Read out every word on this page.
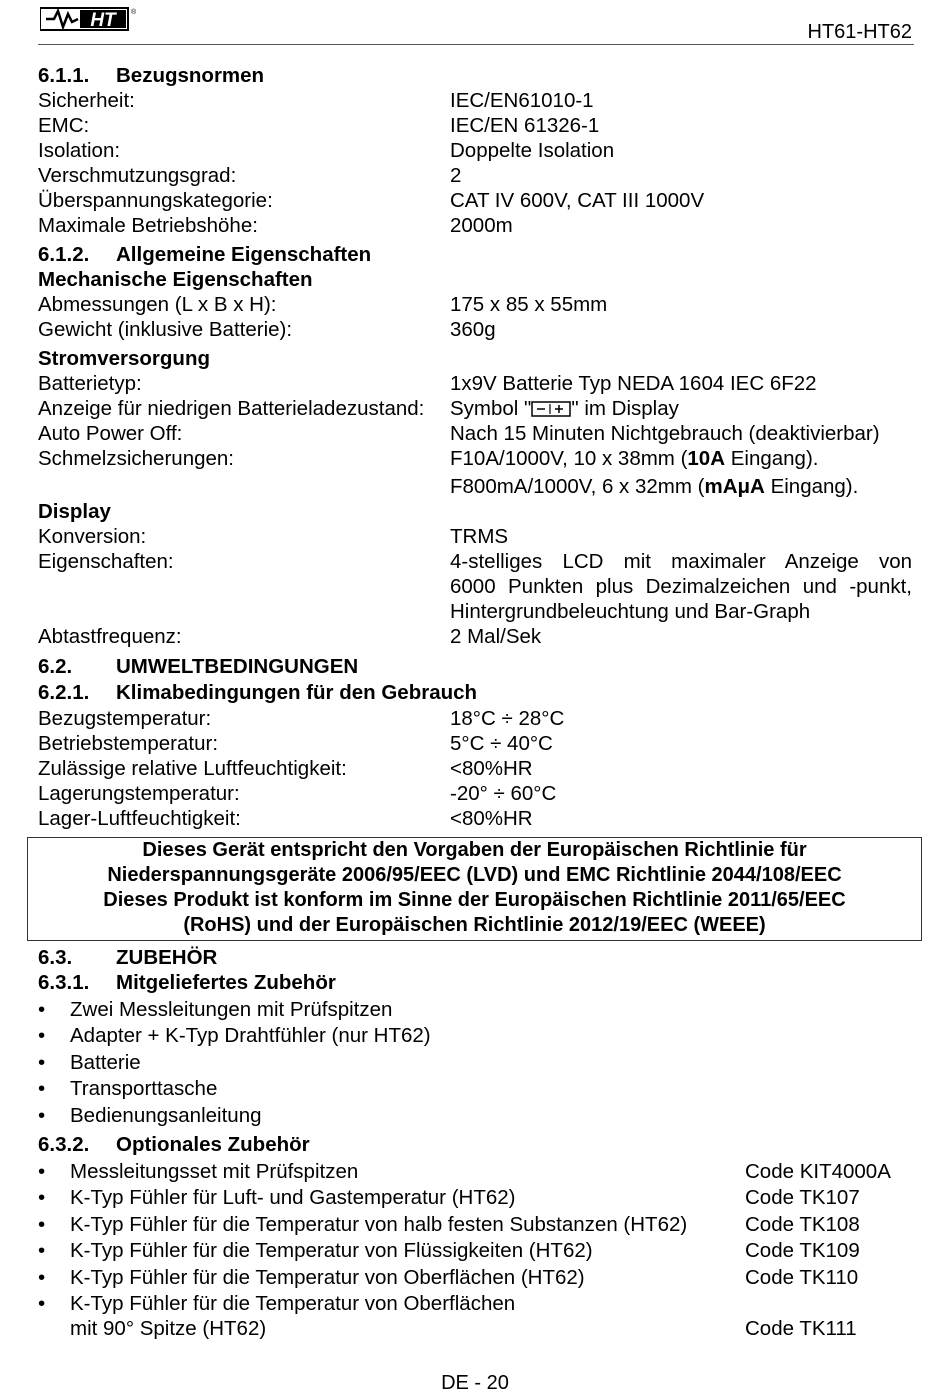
HT ®
HT61-HT62
6.1.1. Bezugsnormen
Sicherheit:	IEC/EN61010-1
EMC:	IEC/EN 61326-1
Isolation:	Doppelte Isolation
Verschmutzungsgrad:	2
Überspannungskategorie:	CAT IV 600V, CAT III 1000V
Maximale Betriebshöhe:	2000m
6.1.2. Allgemeine Eigenschaften
Mechanische Eigenschaften
Abmessungen (L x B x H):	175 x 85 x 55mm
Gewicht (inklusive Batterie):	360g
Stromversorgung
Batterietyp:	1x9V Batterie Typ NEDA 1604 IEC 6F22
Anzeige für niedrigen Batterieladezustand: Symbol " " im Display
Auto Power Off:	Nach 15 Minuten Nichtgebrauch (deaktivierbar)
Schmelzsicherungen:	F10A/1000V, 10 x 38mm (10A Eingang).
F800mA/1000V, 6 x 32mm (mAμA Eingang).
Display
Konversion:	TRMS
Eigenschaften:	4-stelliges LCD mit maximaler Anzeige von
6000 Punkten plus Dezimalzeichen und -punkt,
Hintergrundbeleuchtung und Bar-Graph
Abtastfrequenz:	2 Mal/Sek
6.2. UMWELTBEDINGUNGEN
6.2.1. Klimabedingungen für den Gebrauch
Bezugstemperatur:	18°C ÷ 28°C
Betriebstemperatur:	5°C ÷ 40°C
Zulässige relative Luftfeuchtigkeit:	<80%HR
Lagerungstemperatur:	-20° ÷ 60°C
Lager-Luftfeuchtigkeit:	<80%HR
Dieses Gerät entspricht den Vorgaben der Europäischen Richtlinie für
Niederspannungsgeräte 2006/95/EEC (LVD) und EMC Richtlinie 2044/108/EEC
Dieses Produkt ist konform im Sinne der Europäischen Richtlinie 2011/65/EEC
(RoHS) und der Europäischen Richtlinie 2012/19/EEC (WEEE)
6.3. ZUBEHÖR
6.3.1. Mitgeliefertes Zubehör
• Zwei Messleitungen mit Prüfspitzen
• Adapter + K-Typ Drahtfühler (nur HT62)
• Batterie
• Transporttasche
• Bedienungsanleitung
6.3.2. Optionales Zubehör
• Messleitungsset mit Prüfspitzen	Code KIT4000A
• K-Typ Fühler für Luft- und Gastemperatur (HT62)	Code TK107
• K-Typ Fühler für die Temperatur von halb festen Substanzen (HT62)	Code TK108
• K-Typ Fühler für die Temperatur von Flüssigkeiten (HT62)	Code TK109
• K-Typ Fühler für die Temperatur von Oberflächen (HT62)	Code TK110
• K-Typ Fühler für die Temperatur von Oberflächen
mit 90° Spitze (HT62)	Code TK111
DE - 20
